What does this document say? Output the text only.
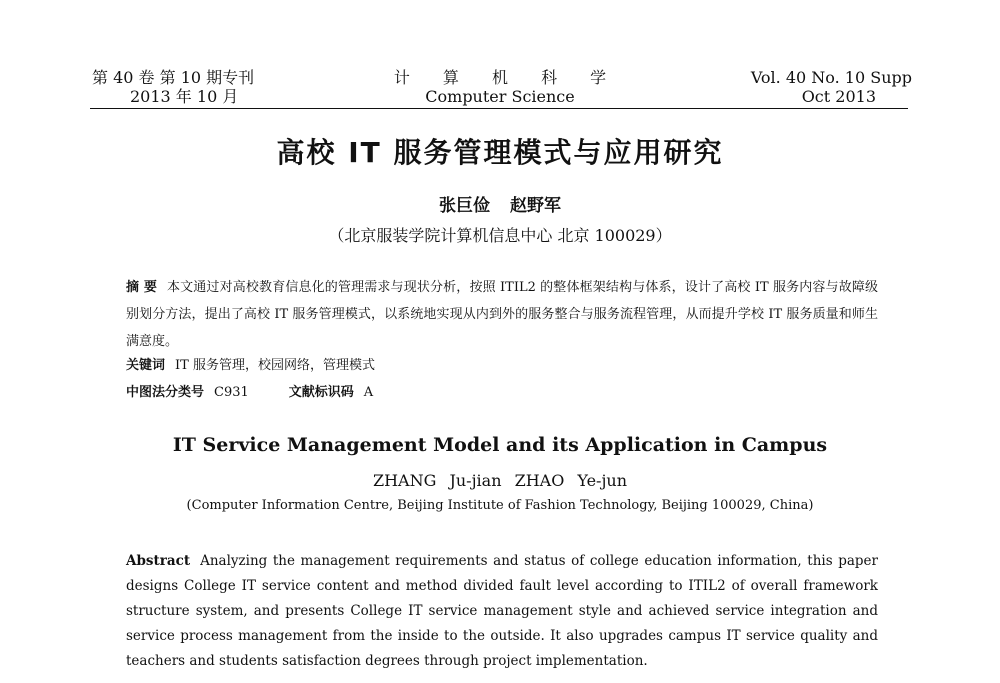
第 40 卷 第 10 期专刊
2013 年 10 月
计 算 机 科 学
Computer Science
Vol. 40 No. 10 Supp
Oct 2013
高校 IT 服务管理模式与应用研究
张巨俭 赵野军
（北京服装学院计算机信息中心 北京 100029）
摘 要 本文通过对高校教育信息化的管理需求与现状分析，按照 ITIL2 的整体框架结构与体系，设计了高校 IT 服务内容与故障级别划分方法，提出了高校 IT 服务管理模式，以系统地实现从内到外的服务整合与服务流程管理，从而提升学校 IT 服务质量和师生满意度。
关键词 IT 服务管理，校园网络，管理模式
中图法分类号 C931	文献标识码 A
IT Service Management Model and its Application in Campus
ZHANG Ju-jian ZHAO Ye-jun
(Computer Information Centre, Beijing Institute of Fashion Technology, Beijing 100029, China)
Abstract Analyzing the management requirements and status of college education information, this paper designs College IT service content and method divided fault level according to ITIL2 of overall framework structure system, and presents College IT service management style and achieved service integration and service process management from the inside to the outside. It also upgrades campus IT service quality and teachers and students satisfaction degrees through project implementation.
